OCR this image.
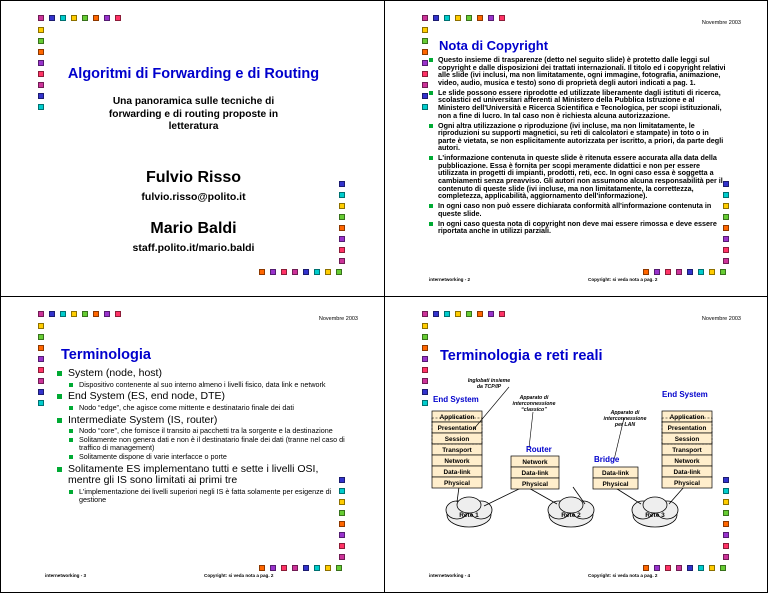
Algoritmi di Forwarding e di Routing
Una panoramica sulle tecniche di forwarding e di routing proposte in letteratura
Fulvio Risso
fulvio.risso@polito.it
Mario Baldi
staff.polito.it/mario.baldi
Novembre 2003
Nota di Copyright
Questo insieme di trasparenze (detto nel seguito slide) è protetto dalle leggi sul copyright e dalle disposizioni dei trattati internazionali. Il titolo ed i copyright relativi alle slide (ivi inclusi, ma non limitatamente, ogni immagine, fotografia, animazione, video, audio, musica e testo) sono di proprietà degli autori indicati a pag. 1.
Le slide possono essere riprodotte ed utilizzate liberamente dagli istituti di ricerca, scolastici ed universitari afferenti al Ministero della Pubblica Istruzione e al Ministero dell'Università e Ricerca Scientifica e Tecnologica, per scopi istituzionali, non a fine di lucro. In tal caso non è richiesta alcuna autorizzazione.
Ogni altra utilizzazione o riproduzione (ivi incluse, ma non limitatamente, le riproduzioni su supporti magnetici, su reti di calcolatori e stampate) in toto o in parte è vietata, se non esplicitamente autorizzata per iscritto, a priori, da parte degli autori.
L'informazione contenuta in queste slide è ritenuta essere accurata alla data della pubblicazione. Essa è fornita per scopi meramente didattici e non per essere utilizzata in progetti di impianti, prodotti, reti, ecc. In ogni caso essa è soggetta a cambiamenti senza preavviso. Gli autori non assumono alcuna responsabilità per il contenuto di queste slide (ivi incluse, ma non limitatamente, la correttezza, completezza, applicabilità, aggiornamento dell'informazione).
In ogni caso non può essere dichiarata conformità all'informazione contenuta in queste slide.
In ogni caso questa nota di copyright non deve mai essere rimossa e deve essere riportata anche in utilizzi parziali.
internetworking - 2	Copyright: si veda nota a pag. 2
Novembre 2003
Terminologia
System (node, host)
Dispositivo contenente al suo interno almeno i livelli fisico, data link e network
End System (ES, end node, DTE)
Nodo “edge”, che agisce come mittente e destinatario finale dei dati
Intermediate System (IS, router)
Nodo “core”, che fornisce il transito ai pacchetti tra la sorgente e la destinazione
Solitamente non genera dati e non è il destinatario finale dei dati (tranne nel caso di traffico di management)
Solitamente dispone di varie interfacce o porte
Solitamente ES implementano tutti e sette i livelli OSI, mentre gli IS sono limitati ai primi tre
L'implementazione dei livelli superiori negli IS è fatta solamente per esigenze di gestione
internetworking - 3	Copyright: si veda nota a pag. 2
Novembre 2003
Terminologia e reti reali
Application
Presentation
Session
Transport
Network
Data-link
Physical
Application
Presentation
Session
Transport
Network
Data-link
Physical
Network
Data-link
Physical
Data-link
Physical
Inglobati insieme da TCP/IP
Apparato di interconnessione “classico”	Apparato di interconnessione per LAN
End System
End System
Router
Bridge
Rete 1	Rete 2	Rete 3
internetworking - 4	Copyright: si veda nota a pag. 2
